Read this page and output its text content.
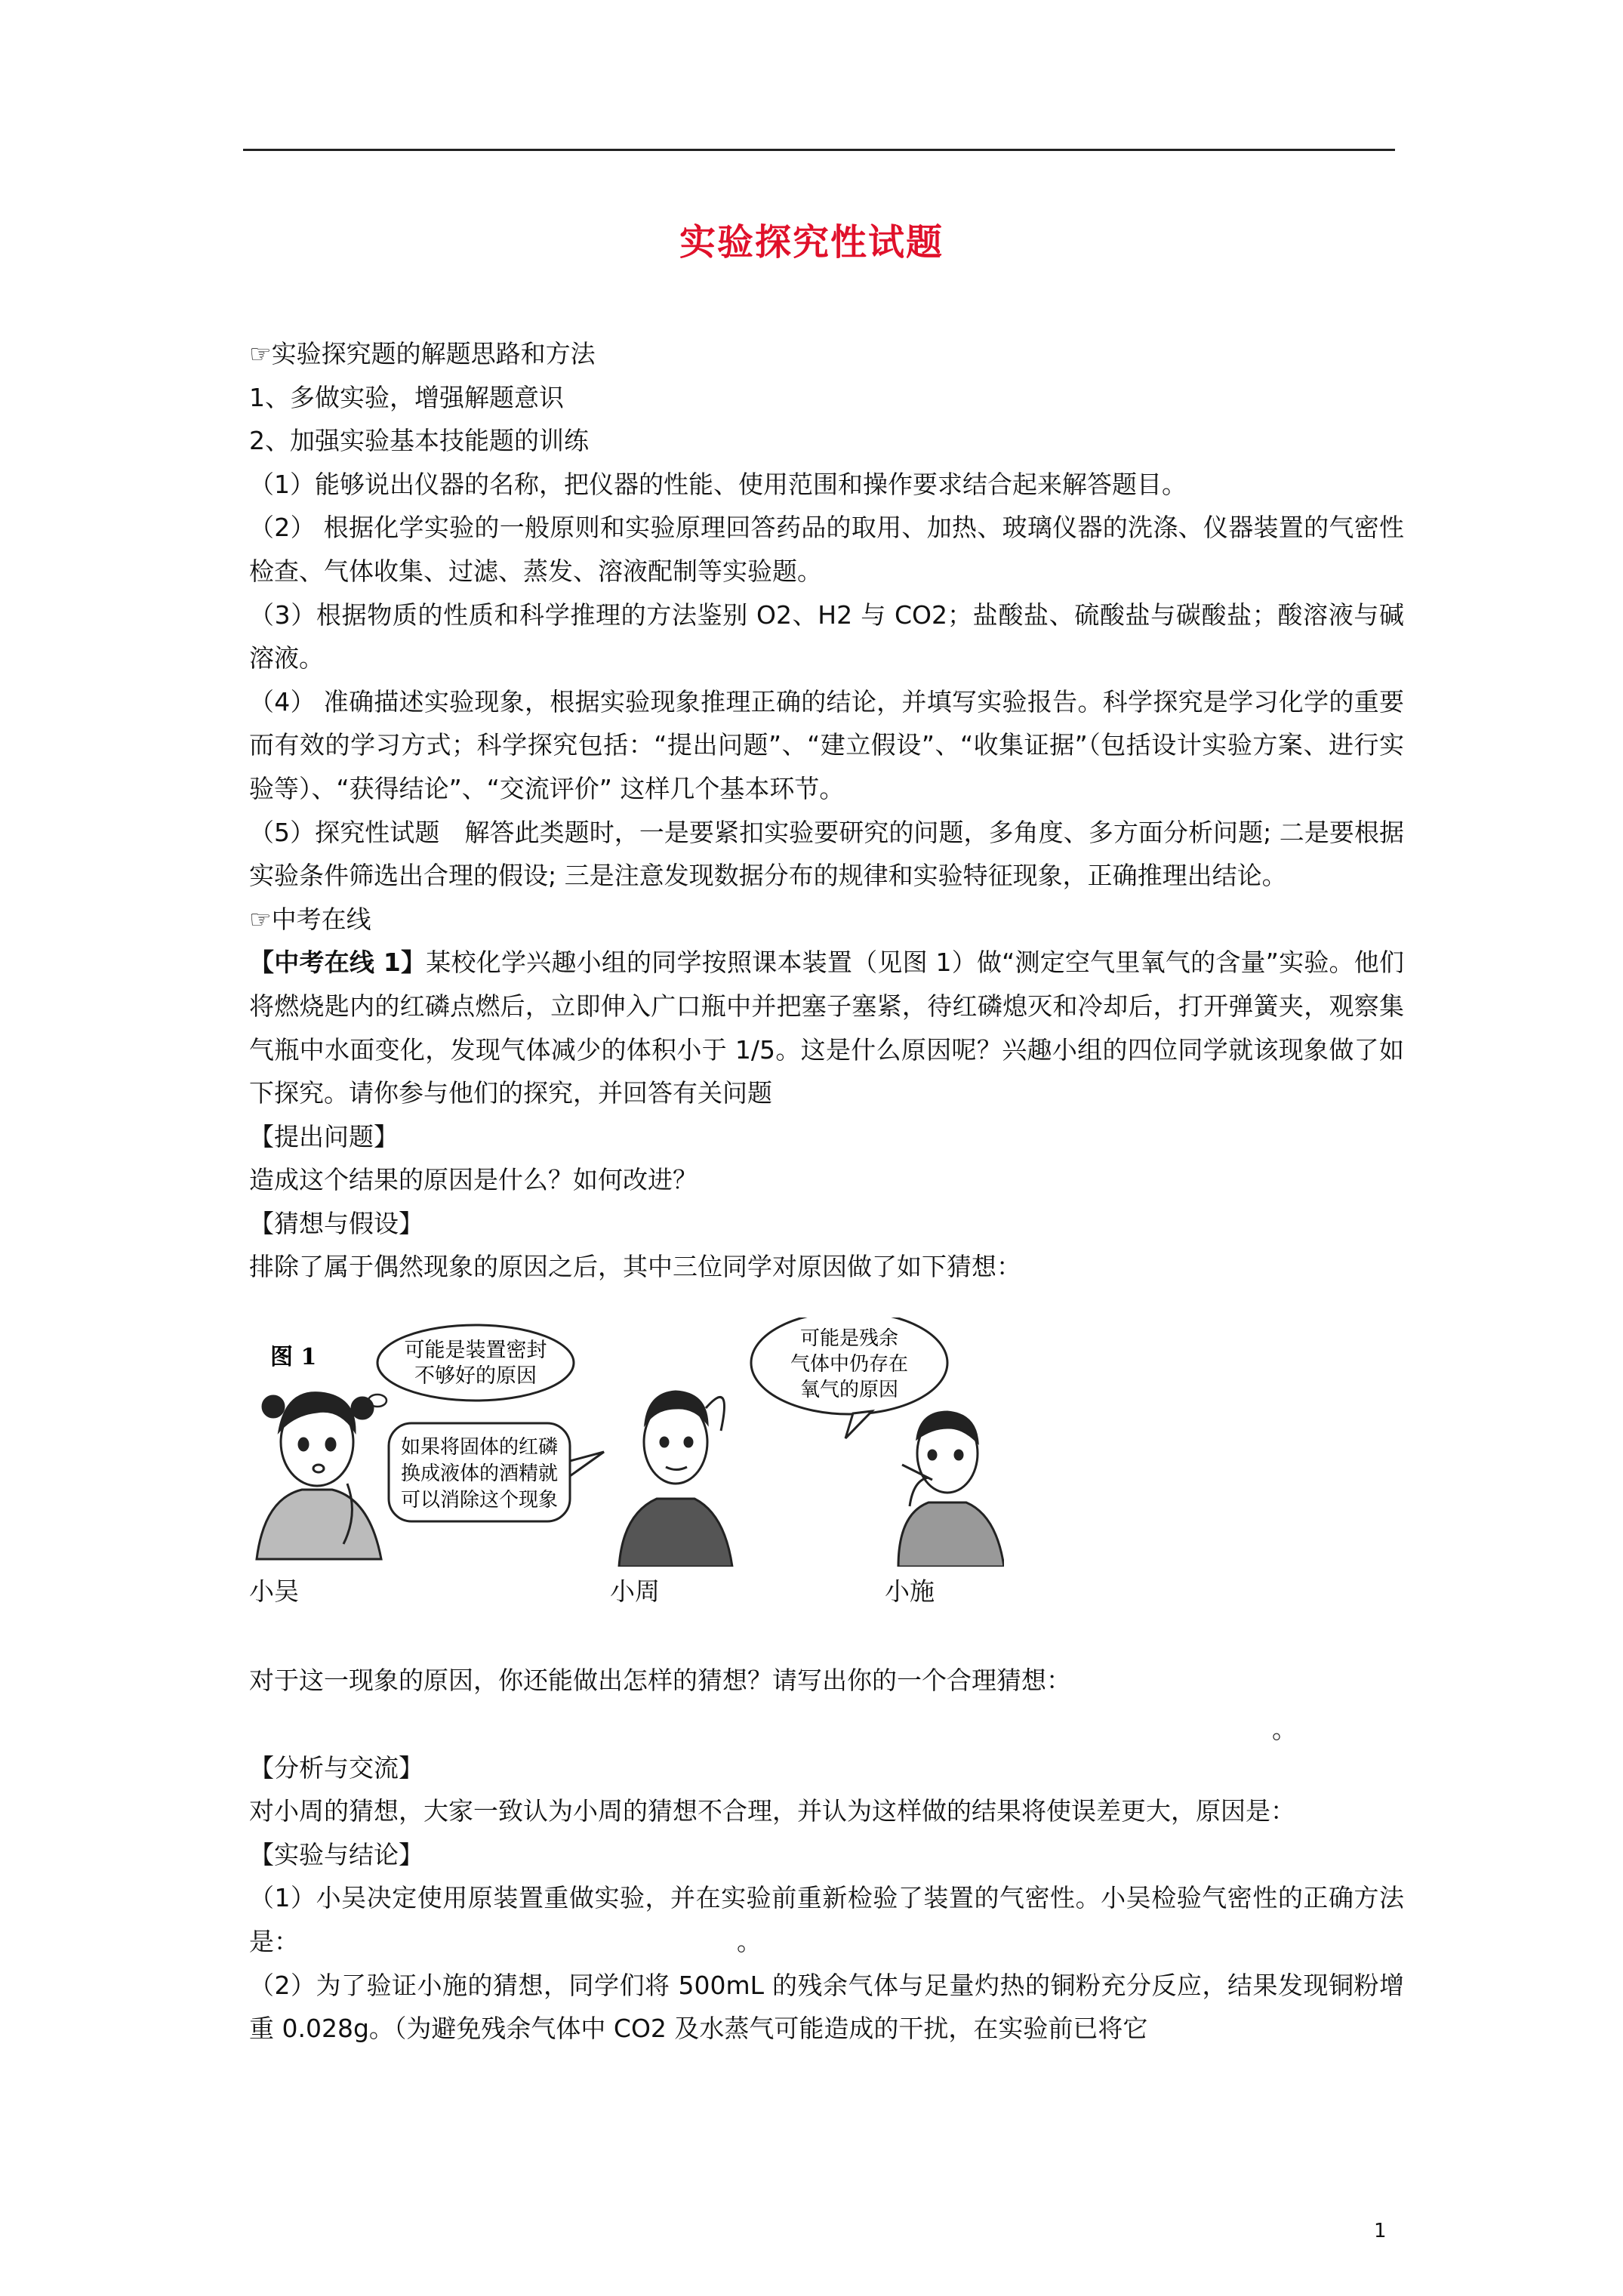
实验探究性试题

☞实验探究题的解题思路和方法

1、多做实验，增强解题意识

2、加强实验基本技能题的训练

（1）能够说出仪器的名称，把仪器的性能、使用范围和操作要求结合起来解答题目。

（2） 根据化学实验的一般原则和实验原理回答药品的取用、加热、玻璃仪器的洗涤、仪器装置的气密性检查、气体收集、过滤、蒸发、溶液配制等实验题。

（3）根据物质的性质和科学推理的方法鉴别 O2、H2 与 CO2；盐酸盐、硫酸盐与碳酸盐；酸溶液与碱溶液。

（4） 准确描述实验现象，根据实验现象推理正确的结论，并填写实验报告。科学探究是学习化学的重要而有效的学习方式；科学探究包括：“提出问题”、“建立假设”、“收集证据”（包括设计实验方案、进行实验等）、“获得结论”、“交流评价” 这样几个基本环节。

（5）探究性试题　解答此类题时，一是要紧扣实验要研究的问题，多角度、多方面分析问题; 二是要根据实验条件筛选出合理的假设; 三是注意发现数据分布的规律和实验特征现象，正确推理出结论。

☞中考在线

【中考在线 1】某校化学兴趣小组的同学按照课本装置（见图 1）做“测定空气里氧气的含量”实验。他们将燃烧匙内的红磷点燃后，立即伸入广口瓶中并把塞子塞紧，待红磷熄灭和冷却后，打开弹簧夹，观察集气瓶中水面变化，发现气体减少的体积小于 1/5。这是什么原因呢？兴趣小组的四位同学就该现象做了如下探究。请你参与他们的探究，并回答有关问题

【提出问题】

造成这个结果的原因是什么？如何改进？

【猜想与假设】

排除了属于偶然现象的原因之后，其中三位同学对原因做了如下猜想：

图 1	可能是装置密封
不够好的原因
如果将固体的红磷
换成液体的酒精就
可以消除这个现象
可能是残余
气体中仍存在
氧气的原因
小吴	小周	小施

对于这一现象的原因，你还能做出怎样的猜想？请写出你的一个合理猜想：

。

【分析与交流】

对小周的猜想，大家一致认为小周的猜想不合理，并认为这样做的结果将使误差更大，原因是：

【实验与结论】

（1）小吴决定使用原装置重做实验，并在实验前重新检验了装置的气密性。小吴检验气密性的正确方法是：	。

（2）为了验证小施的猜想，同学们将 500mL 的残余气体与足量灼热的铜粉充分反应，结果发现铜粉增重 0.028g。（为避免残余气体中 CO2 及水蒸气可能造成的干扰，在实验前已将它

1
